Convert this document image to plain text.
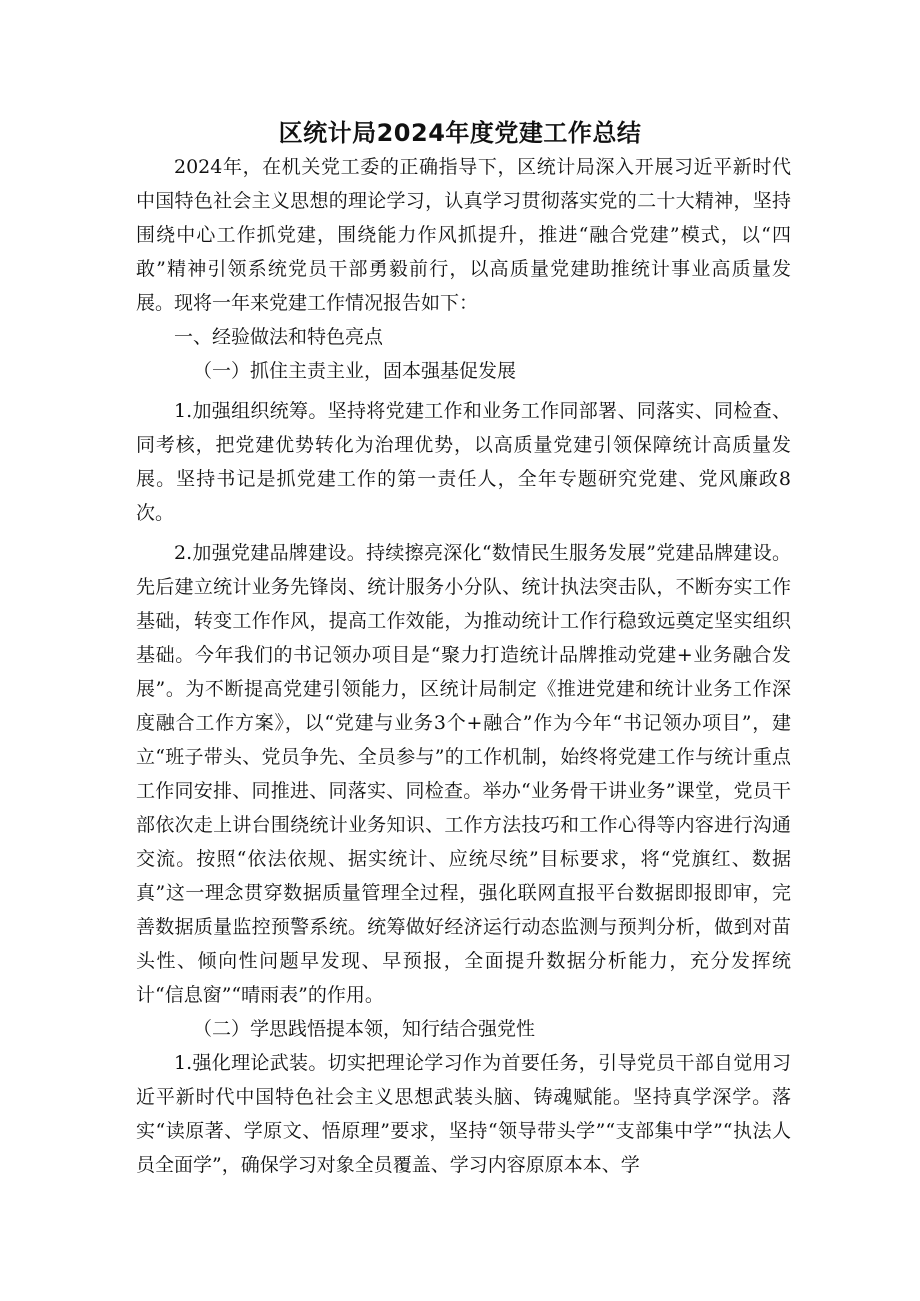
区统计局2024年度党建工作总结

2024年，在机关党工委的正确指导下，区统计局深入开展习近平新时代中国特色社会主义思想的理论学习，认真学习贯彻落实党的二十大精神，坚持围绕中心工作抓党建，围绕能力作风抓提升，推进“融合党建”模式，以“四敢”精神引领系统党员干部勇毅前行，以高质量党建助推统计事业高质量发展。现将一年来党建工作情况报告如下：

一、经验做法和特色亮点

（一）抓住主责主业，固本强基促发展

1.加强组织统筹。坚持将党建工作和业务工作同部署、同落实、同检查、同考核，把党建优势转化为治理优势，以高质量党建引领保障统计高质量发展。坚持书记是抓党建工作的第一责任人，全年专题研究党建、党风廉政8次。

2.加强党建品牌建设。持续擦亮深化“数情民生服务发展”党建品牌建设。先后建立统计业务先锋岗、统计服务小分队、统计执法突击队，不断夯实工作基础，转变工作作风，提高工作效能，为推动统计工作行稳致远奠定坚实组织基础。今年我们的书记领办项目是“聚力打造统计品牌推动党建+业务融合发展”。为不断提高党建引领能力，区统计局制定《推进党建和统计业务工作深度融合工作方案》，以“党建与业务3个+融合”作为今年“书记领办项目”，建立“班子带头、党员争先、全员参与”的工作机制，始终将党建工作与统计重点工作同安排、同推进、同落实、同检查。举办“业务骨干讲业务”课堂，党员干部依次走上讲台围绕统计业务知识、工作方法技巧和工作心得等内容进行沟通交流。按照“依法依规、据实统计、应统尽统”目标要求，将“党旗红、数据真”这一理念贯穿数据质量管理全过程，强化联网直报平台数据即报即审，完善数据质量监控预警系统。统筹做好经济运行动态监测与预判分析，做到对苗头性、倾向性问题早发现、早预报，全面提升数据分析能力，充分发挥统计“信息窗”“晴雨表”的作用。

（二）学思践悟提本领，知行结合强党性

1.强化理论武装。切实把理论学习作为首要任务，引导党员干部自觉用习近平新时代中国特色社会主义思想武装头脑、铸魂赋能。坚持真学深学。落实“读原著、学原文、悟原理”要求，坚持“领导带头学”“支部集中学”“执法人员全面学”，确保学习对象全员覆盖、学习内容原原本本、学
